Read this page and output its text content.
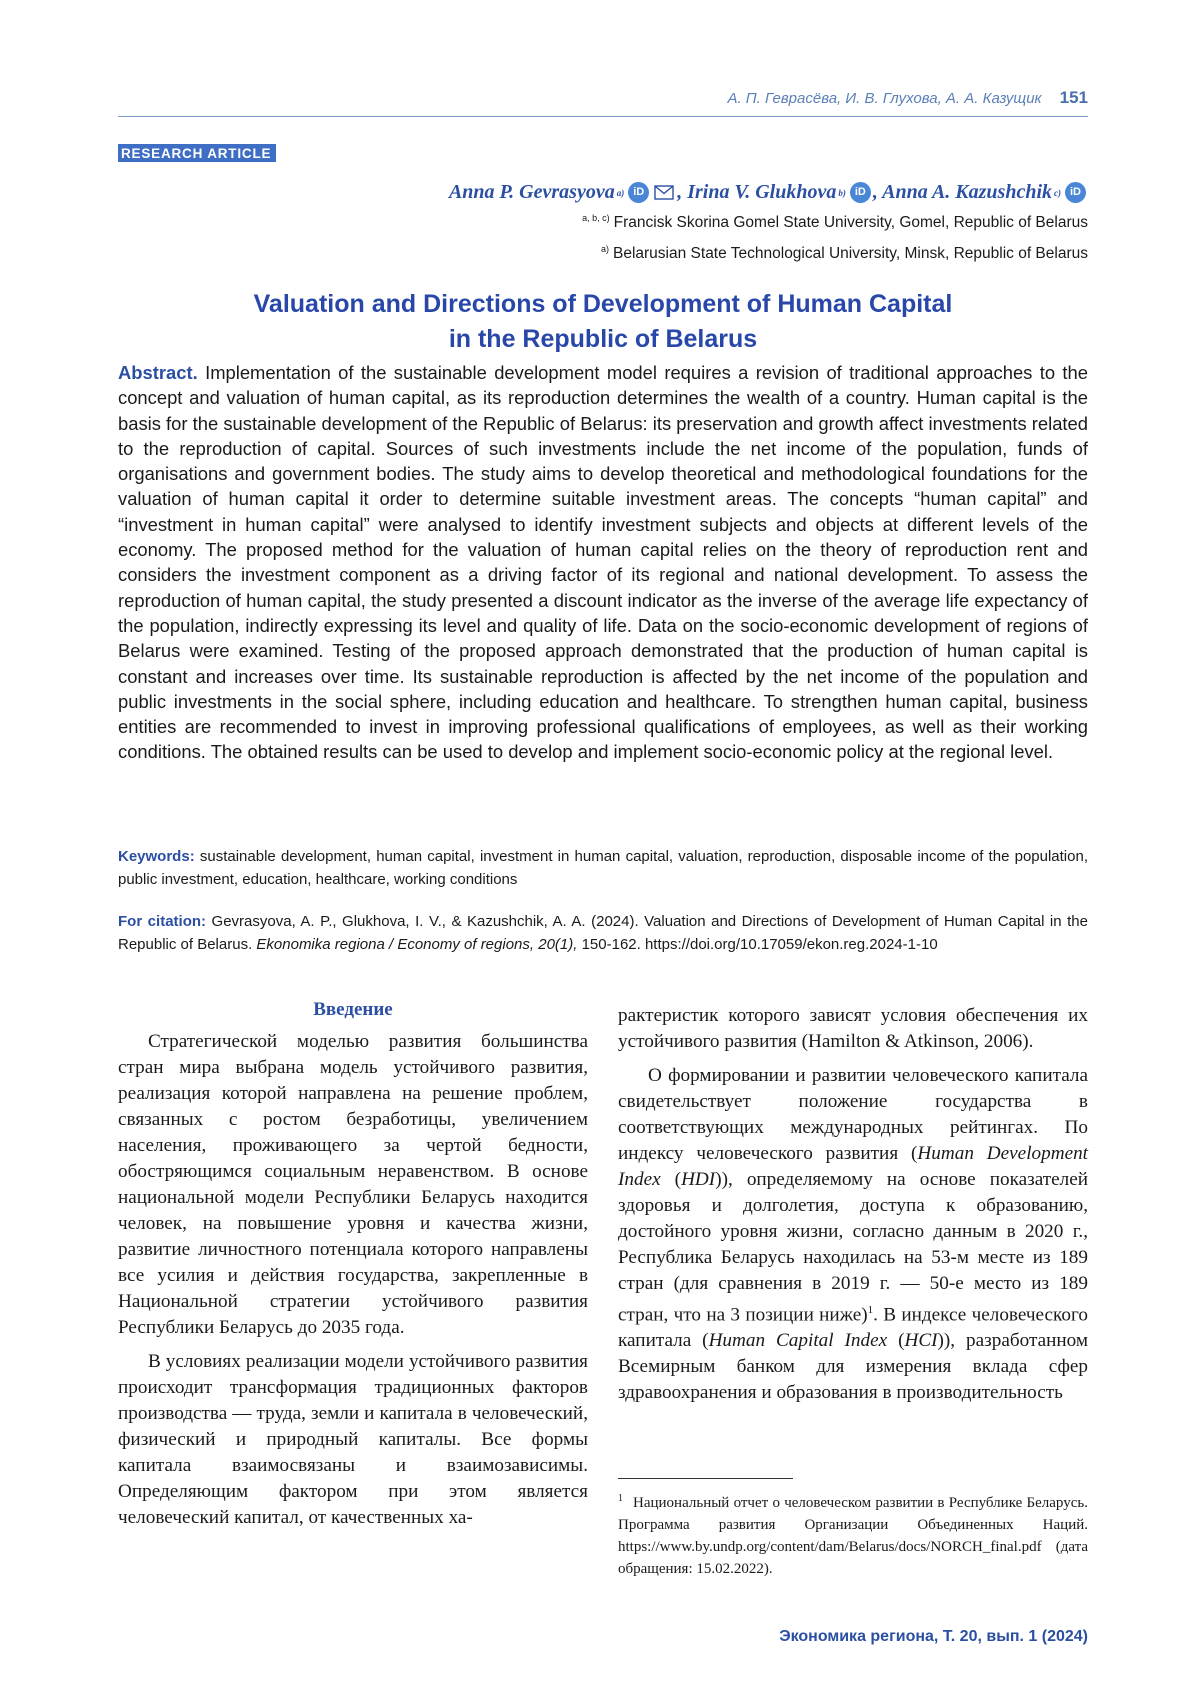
А. П. Геврасёва, И. В. Глухова, А. А. Казущик 151
RESEARCH ARTICLE
Anna P. Gevrasyova a) iD , Irina V. Glukhova b) iD , Anna A. Kazushchik c) iD
$^{a, b, c)}$ Francisk Skorina Gomel State University, Gomel, Republic of Belarus
$^{a)}$ Belarusian State Technological University, Minsk, Republic of Belarus
Valuation and Directions of Development of Human Capital
in the Republic of Belarus
Abstract. Implementation of the sustainable development model requires a revision of traditional approaches to the concept and valuation of human capital, as its reproduction determines the wealth of a country. Human capital is the basis for the sustainable development of the Republic of Belarus: its preservation and growth affect investments related to the reproduction of capital. Sources of such investments include the net income of the population, funds of organisations and government bodies. The study aims to develop theoretical and methodological foundations for the valuation of human capital it order to determine suitable investment areas. The concepts “human capital” and “investment in human capital” were analysed to identify investment subjects and objects at different levels of the economy. The proposed method for the valuation of human capital relies on the theory of reproduction rent and considers the investment component as a driving factor of its regional and national development. To assess the reproduction of human capital, the study presented a discount indicator as the inverse of the average life expectancy of the population, indirectly expressing its level and quality of life. Data on the socio-economic development of regions of Belarus were examined. Testing of the proposed approach demonstrated that the production of human capital is constant and increases over time. Its sustainable reproduction is affected by the net income of the population and public investments in the social sphere, including education and healthcare. To strengthen human capital, business entities are recommended to invest in improving professional qualifications of employees, as well as their working conditions. The obtained results can be used to develop and implement socio-economic policy at the regional level.
Keywords: sustainable development, human capital, investment in human capital, valuation, reproduction, disposable income of the population, public investment, education, healthcare, working conditions
For citation: Gevrasyova, A. P., Glukhova, I. V., & Kazushchik, A. A. (2024). Valuation and Directions of Development of Human Capital in the Republic of Belarus. Ekonomika regiona / Economy of regions, 20(1), 150-162. https://doi.org/10.17059/ekon.reg.2024-1-10

Введение

Стратегической моделью развития большинства стран мира выбрана модель устойчивого развития, реализация которой направлена на решение проблем, связанных с ростом безработицы, увеличением населения, проживающего за чертой бедности, обостряющимся социальным неравенством. В основе национальной модели Республики Беларусь находится человек, на повышение уровня и качества жизни, развитие личностного потенциала которого направлены все усилия и действия государства, закрепленные в Национальной стратегии устойчивого развития Республики Беларусь до 2035 года.

В условиях реализации модели устойчивого развития происходит трансформация традиционных факторов производства — труда, земли и капитала в человеческий, физический и природный капиталы. Все формы капитала взаимосвязаны и взаимозависимы. Определяющим фактором при этом является человеческий капитал, от качественных ха-

рактеристик которого зависят условия обеспечения их устойчивого развития (Hamilton & Atkinson, 2006).

О формировании и развитии человеческого капитала свидетельствует положение государства в соответствующих международных рейтингах. По индексу человеческого развития (Human Development Index (HDI)), определяемому на основе показателей здоровья и долголетия, доступа к образованию, достойного уровня жизни, согласно данным в 2020 г., Республика Беларусь находилась на 53-м месте из 189 стран (для сравнения в 2019 г. — 50-е место из 189 стран, что на 3 позиции ниже)$^1$. В индексе человеческого капитала (Human Capital Index (HCI)), разработанном Всемирным банком для измерения вклада сфер здравоохранения и образования в производительность

$^1$ Национальный отчет о человеческом развитии в Республике Беларусь. Программа развития Организации Объединенных Наций. https://www.by.undp.org/content/dam/Belarus/docs/NORCH_final.pdf (дата обращения: 15.02.2022).
Экономика региона, Т. 20, вып. 1 (2024)
